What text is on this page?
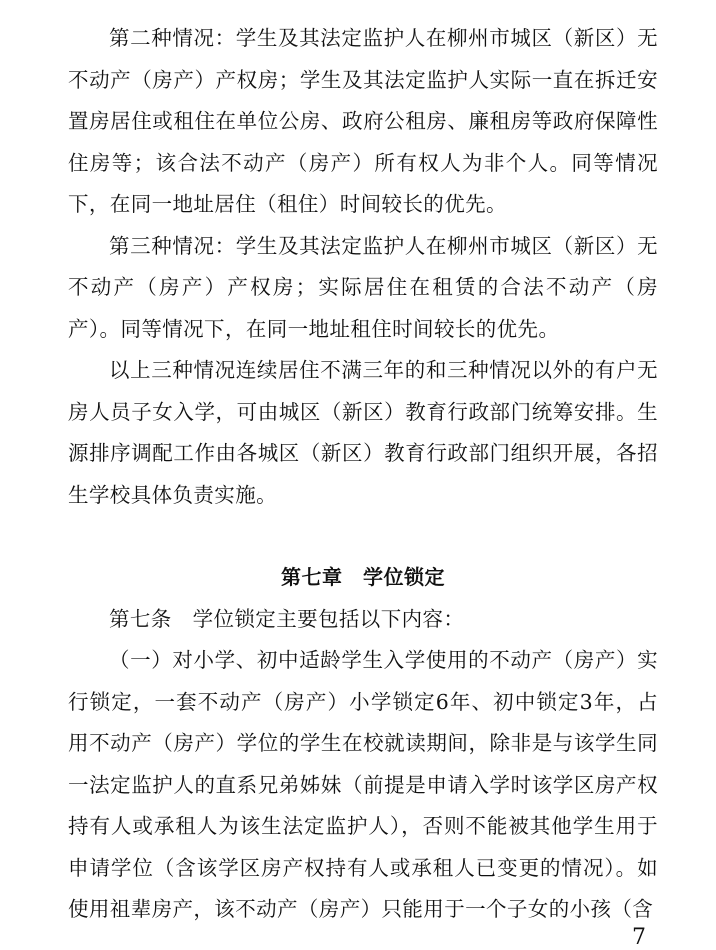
第二种情况：学生及其法定监护人在柳州市城区（新区）无不动产（房产）产权房；学生及其法定监护人实际一直在拆迁安置房居住或租住在单位公房、政府公租房、廉租房等政府保障性住房等；该合法不动产（房产）所有权人为非个人。同等情况下，在同一地址居住（租住）时间较长的优先。

第三种情况：学生及其法定监护人在柳州市城区（新区）无不动产（房产）产权房；实际居住在租赁的合法不动产（房产）。同等情况下，在同一地址租住时间较长的优先。

以上三种情况连续居住不满三年的和三种情况以外的有户无房人员子女入学，可由城区（新区）教育行政部门统筹安排。生源排序调配工作由各城区（新区）教育行政部门组织开展，各招生学校具体负责实施。

第七章　学位锁定

第七条　学位锁定主要包括以下内容：

（一）对小学、初中适龄学生入学使用的不动产（房产）实行锁定，一套不动产（房产）小学锁定6年、初中锁定3年，占用不动产（房产）学位的学生在校就读期间，除非是与该学生同一法定监护人的直系兄弟姊妹（前提是申请入学时该学区房产权持有人或承租人为该生法定监护人），否则不能被其他学生用于申请学位（含该学区房产权持有人或承租人已变更的情况）。如使用祖辈房产，该不动产（房产）只能用于一个子女的小孩（含

7
